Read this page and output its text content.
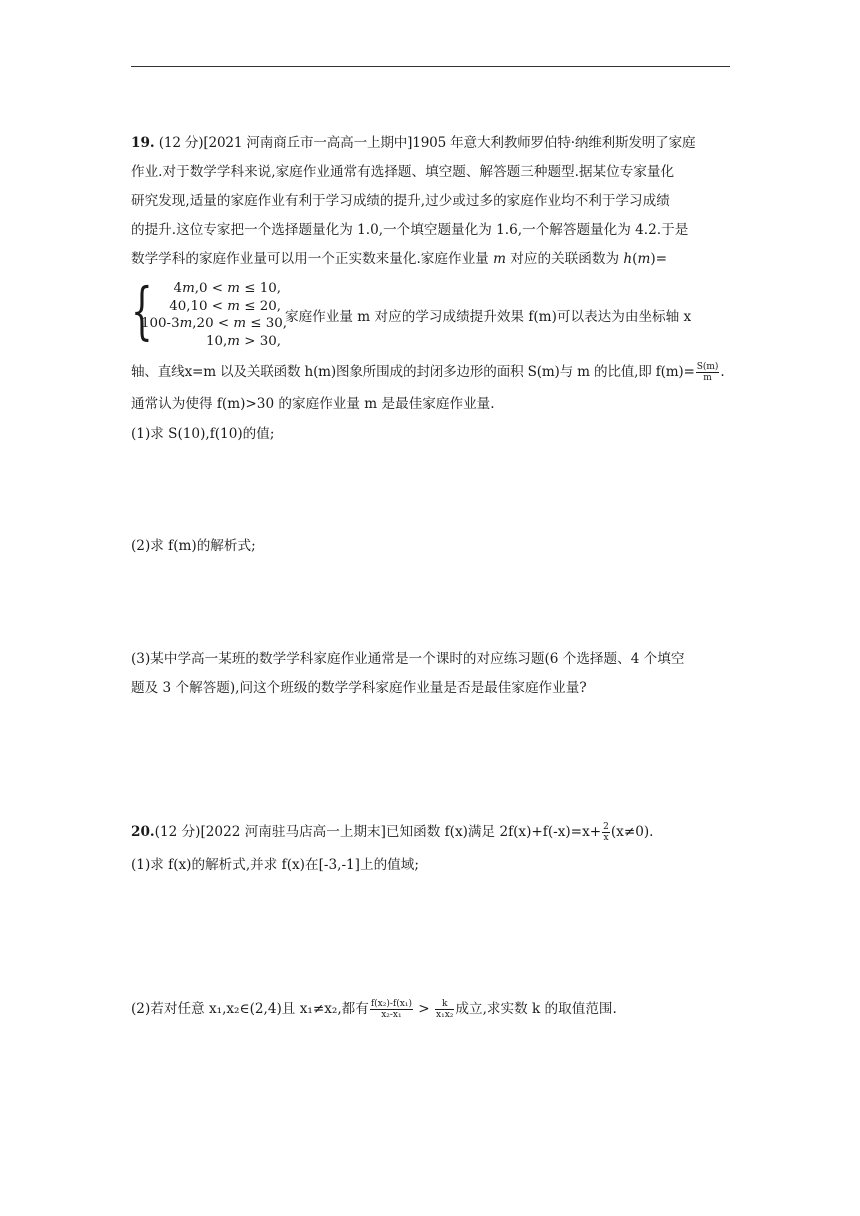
19. (12 分)[2021 河南商丘市一高高一上期中]1905 年意大利教师罗伯特·纳维利斯发明了家庭
作业.对于数学学科来说,家庭作业通常有选择题、填空题、解答题三种题型.据某位专家量化
研究发现,适量的家庭作业有利于学习成绩的提升,过少或过多的家庭作业均不利于学习成绩
的提升.这位专家把一个选择题量化为 1.0,一个填空题量化为 1.6,一个解答题量化为 4.2.于是
数学学科的家庭作业量可以用一个正实数来量化.家庭作业量 m 对应的关联函数为 h(m)=
{	4𝑚,0 < 𝑚 ≤ 10,
40,10 < 𝑚 ≤ 20,
100-3𝑚,20 < 𝑚 ≤ 30,
10,𝑚 > 30,
家庭作业量 m 对应的学习成绩提升效果 f(m)可以表达为由坐标轴 x
轴、直线x=m 以及关联函数 h(m)图象所围成的封闭多边形的面积 S(m)与 m 的比值,即 $f(m)= \frac{S(m)}{m}$ .
通常认为使得 f(m)>30 的家庭作业量 m 是最佳家庭作业量.
(1)求 S(10),f(10)的值;
(2)求 f(m)的解析式;
(3)某中学高一某班的数学学科家庭作业通常是一个课时的对应练习题(6 个选择题、4 个填空
题及 3 个解答题),问这个班级的数学学科家庭作业量是否是最佳家庭作业量?
20.(12 分)[2022 河南驻马店高一上期末]已知函数 f(x)满足 $2f(x)+f(-x)=x+ \frac{2}{x} (x\ne 0)$.
(1)求 f(x)的解析式,并求 f(x)在[-3,-1]上的值域;
(2)若对任意 x₁,x₂∈(2,4)且 x₁≠x₂,都有 $\frac{\text{f(x₂)-f(x₁)}}{\text{x₂-x₁}} > \frac{k}{\text{x₁x₂}}$ 成立,求实数 k 的取值范围.
